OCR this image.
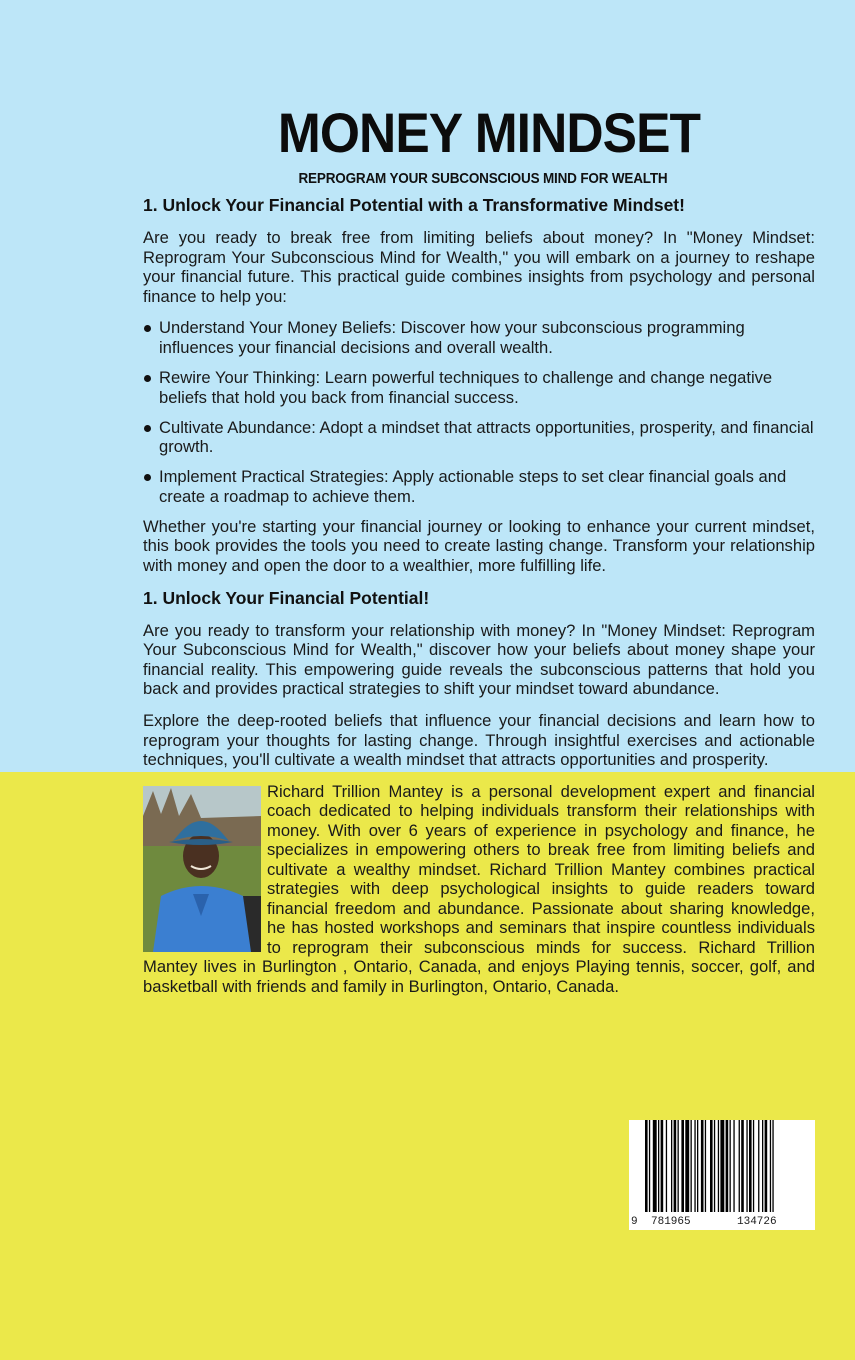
MONEY MINDSET
REPROGRAM YOUR SUBCONSCIOUS MIND FOR WEALTH
1. Unlock Your Financial Potential with a Transformative Mindset!

Are you ready to break free from limiting beliefs about money? In "Money Mindset: Reprogram Your Subconscious Mind for Wealth," you will embark on a journey to reshape your financial future. This practical guide combines insights from psychology and personal finance to help you:

Understand Your Money Beliefs: Discover how your subconscious programming influences your financial decisions and overall wealth.
Rewire Your Thinking: Learn powerful techniques to challenge and change negative beliefs that hold you back from financial success.
Cultivate Abundance: Adopt a mindset that attracts opportunities, prosperity, and financial growth.
Implement Practical Strategies: Apply actionable steps to set clear financial goals and create a roadmap to achieve them.

Whether you're starting your financial journey or looking to enhance your current mindset, this book provides the tools you need to create lasting change. Transform your relationship with money and open the door to a wealthier, more fulfilling life.

1. Unlock Your Financial Potential!

Are you ready to transform your relationship with money? In "Money Mindset: Reprogram Your Subconscious Mind for Wealth," discover how your beliefs about money shape your financial reality. This empowering guide reveals the subconscious patterns that hold you back and provides practical strategies to shift your mindset toward abundance.

Explore the deep-rooted beliefs that influence your financial decisions and learn how to reprogram your thoughts for lasting change. Through insightful exercises and actionable techniques, you'll cultivate a wealth mindset that attracts opportunities and prosperity.

Richard Trillion Mantey is a personal development expert and financial coach dedicated to helping individuals transform their relationships with money. With over 6 years of experience in psychology and finance, he specializes in empowering others to break free from limiting beliefs and cultivate a wealthy mindset. Richard Trillion Mantey combines practical strategies with deep psychological insights to guide readers toward financial freedom and abundance. Passionate about sharing knowledge, he has hosted workshops and seminars that inspire countless individuals to reprogram their subconscious minds for success. Richard Trillion Mantey lives in Burlington , Ontario, Canada, and enjoys Playing tennis, soccer, golf, and basketball with friends and family in Burlington, Ontario, Canada.

9 781965	134726
